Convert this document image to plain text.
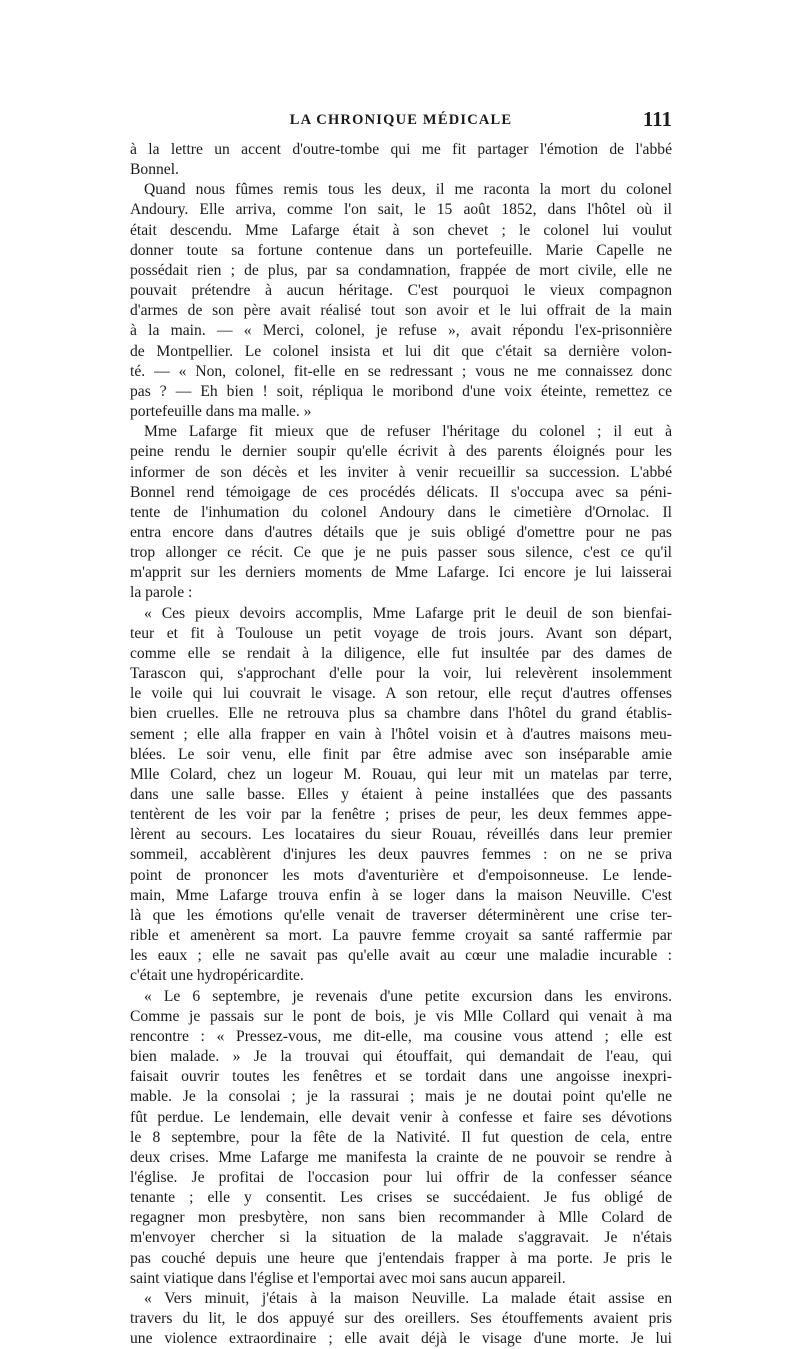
LA CHRONIQUE MÉDICALE	111
à la lettre un accent d'outre-tombe qui me fit partager l'émotion de l'abbé
Bonnel.
Quand nous fûmes remis tous les deux, il me raconta la mort du colonel
Andoury. Elle arriva, comme l'on sait, le 15 août 1852, dans l'hôtel où il
était descendu. Mme Lafarge était à son chevet ; le colonel lui voulut
donner toute sa fortune contenue dans un portefeuille. Marie Capelle ne
possédait rien ; de plus, par sa condamnation, frappée de mort civile, elle ne
pouvait prétendre à aucun héritage. C'est pourquoi le vieux compagnon
d'armes de son père avait réalisé tout son avoir et le lui offrait de la main
à la main. — « Merci, colonel, je refuse », avait répondu l'ex-prisonnière
de Montpellier. Le colonel insista et lui dit que c'était sa dernière volon-
té. — « Non, colonel, fit-elle en se redressant ; vous ne me connaissez donc
pas ? — Eh bien ! soit, répliqua le moribond d'une voix éteinte, remettez ce
portefeuille dans ma malle. »
Mme Lafarge fit mieux que de refuser l'héritage du colonel ; il eut à
peine rendu le dernier soupir qu'elle écrivit à des parents éloignés pour les
informer de son décès et les inviter à venir recueillir sa succession. L'abbé
Bonnel rend témoigage de ces procédés délicats. Il s'occupa avec sa péni-
tente de l'inhumation du colonel Andoury dans le cimetière d'Ornolac. Il
entra encore dans d'autres détails que je suis obligé d'omettre pour ne pas
trop allonger ce récit. Ce que je ne puis passer sous silence, c'est ce qu'il
m'apprit sur les derniers moments de Mme Lafarge. Ici encore je lui laisserai
la parole :
« Ces pieux devoirs accomplis, Mme Lafarge prit le deuil de son bienfai-
teur et fit à Toulouse un petit voyage de trois jours. Avant son départ,
comme elle se rendait à la diligence, elle fut insultée par des dames de
Tarascon qui, s'approchant d'elle pour la voir, lui relevèrent insolemment
le voile qui lui couvrait le visage. A son retour, elle reçut d'autres offenses
bien cruelles. Elle ne retrouva plus sa chambre dans l'hôtel du grand établis-
sement ; elle alla frapper en vain à l'hôtel voisin et à d'autres maisons meu-
blées. Le soir venu, elle finit par être admise avec son inséparable amie
Mlle Colard, chez un logeur M. Rouau, qui leur mit un matelas par terre,
dans une salle basse. Elles y étaient à peine installées que des passants
tentèrent de les voir par la fenêtre ; prises de peur, les deux femmes appe-
lèrent au secours. Les locataires du sieur Rouau, réveillés dans leur premier
sommeil, accablèrent d'injures les deux pauvres femmes : on ne se priva
point de prononcer les mots d'aventurière et d'empoisonneuse. Le lende-
main, Mme Lafarge trouva enfin à se loger dans la maison Neuville. C'est
là que les émotions qu'elle venait de traverser déterminèrent une crise ter-
rible et amenèrent sa mort. La pauvre femme croyait sa santé raffermie par
les eaux ; elle ne savait pas qu'elle avait au cœur une maladie incurable :
c'était une hydropéricardite.
« Le 6 septembre, je revenais d'une petite excursion dans les environs.
Comme je passais sur le pont de bois, je vis Mlle Collard qui venait à ma
rencontre : « Pressez-vous, me dit-elle, ma cousine vous attend ; elle est
bien malade. » Je la trouvai qui étouffait, qui demandait de l'eau, qui
faisait ouvrir toutes les fenêtres et se tordait dans une angoisse inexpri-
mable. Je la consolai ; je la rassurai ; mais je ne doutai point qu'elle ne
fût perdue. Le lendemain, elle devait venir à confesse et faire ses dévotions
le 8 septembre, pour la fête de la Nativité. Il fut question de cela, entre
deux crises. Mme Lafarge me manifesta la crainte de ne pouvoir se rendre à
l'église. Je profitai de l'occasion pour lui offrir de la confesser séance
tenante ; elle y consentit. Les crises se succédaient. Je fus obligé de
regagner mon presbytère, non sans bien recommander à Mlle Colard de
m'envoyer chercher si la situation de la malade s'aggravait. Je n'étais
pas couché depuis une heure que j'entendais frapper à ma porte. Je pris le
saint viatique dans l'église et l'emportai avec moi sans aucun appareil.
« Vers minuit, j'étais à la maison Neuville. La malade était assise en
travers du lit, le dos appuyé sur des oreillers. Ses étouffements avaient pris
une violence extraordinaire ; elle avait déjà le visage d'une morte. Je lui
